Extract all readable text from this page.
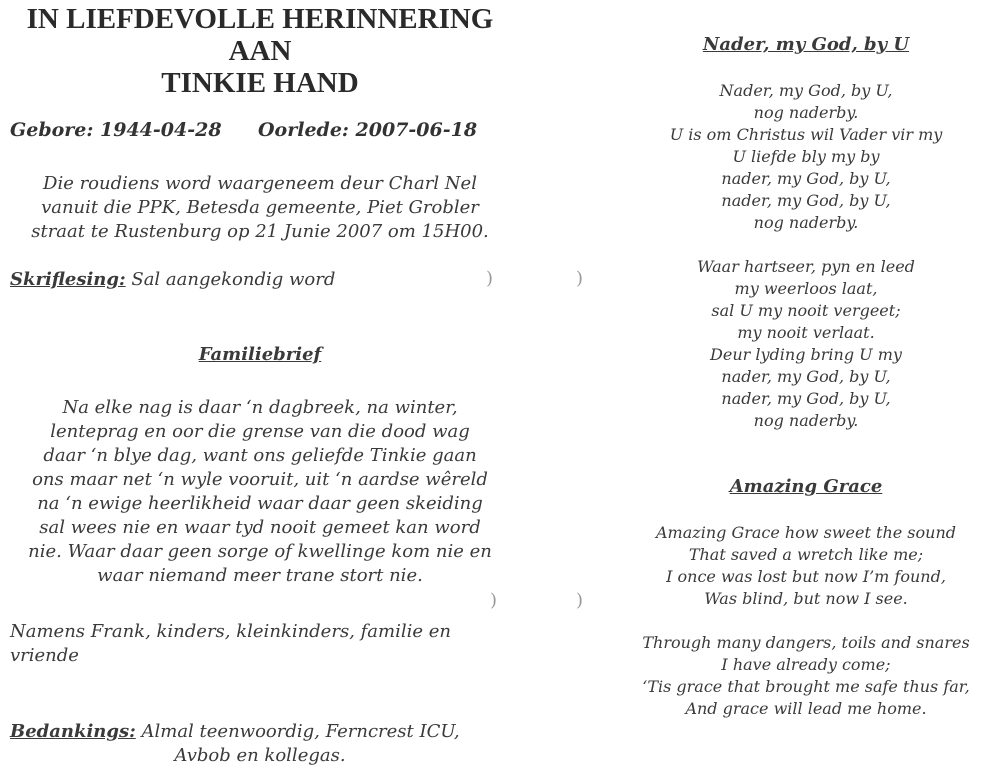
IN LIEFDEVOLLE HERINNERING
AAN
TINKIE HAND
Gebore: 1944-04-28 Oorlede: 2007-06-18
Die roudiens word waargeneem deur Charl Nel
vanuit die PPK, Betesda gemeente, Piet Grobler
straat te Rustenburg op 21 Junie 2007 om 15H00.
Skriflesing: Sal aangekondig word
Familiebrief
Na elke nag is daar ‘n dagbreek, na winter,
lenteprag en oor die grense van die dood wag
daar ‘n blye dag, want ons geliefde Tinkie gaan
ons maar net ‘n wyle vooruit, uit ‘n aardse wêreld
na ‘n ewige heerlikheid waar daar geen skeiding
sal wees nie en waar tyd nooit gemeet kan word
nie. Waar daar geen sorge of kwellinge kom nie en
waar niemand meer trane stort nie.
Namens Frank, kinders, kleinkinders, familie en
vriende
Bedankings: Almal teenwoordig, Ferncrest ICU,
Avbob en kollegas.
)	)
)	)
Nader, my God, by U
Nader, my God, by U,
nog naderby.
U is om Christus wil Vader vir my
U liefde bly my by
nader, my God, by U,
nader, my God, by U,
nog naderby.
Waar hartseer, pyn en leed
my weerloos laat,
sal U my nooit vergeet;
my nooit verlaat.
Deur lyding bring U my
nader, my God, by U,
nader, my God, by U,
nog naderby.
Amazing Grace
Amazing Grace how sweet the sound
That saved a wretch like me;
I once was lost but now I’m found,
Was blind, but now I see.
Through many dangers, toils and snares
I have already come;
‘Tis grace that brought me safe thus far,
And grace will lead me home.
